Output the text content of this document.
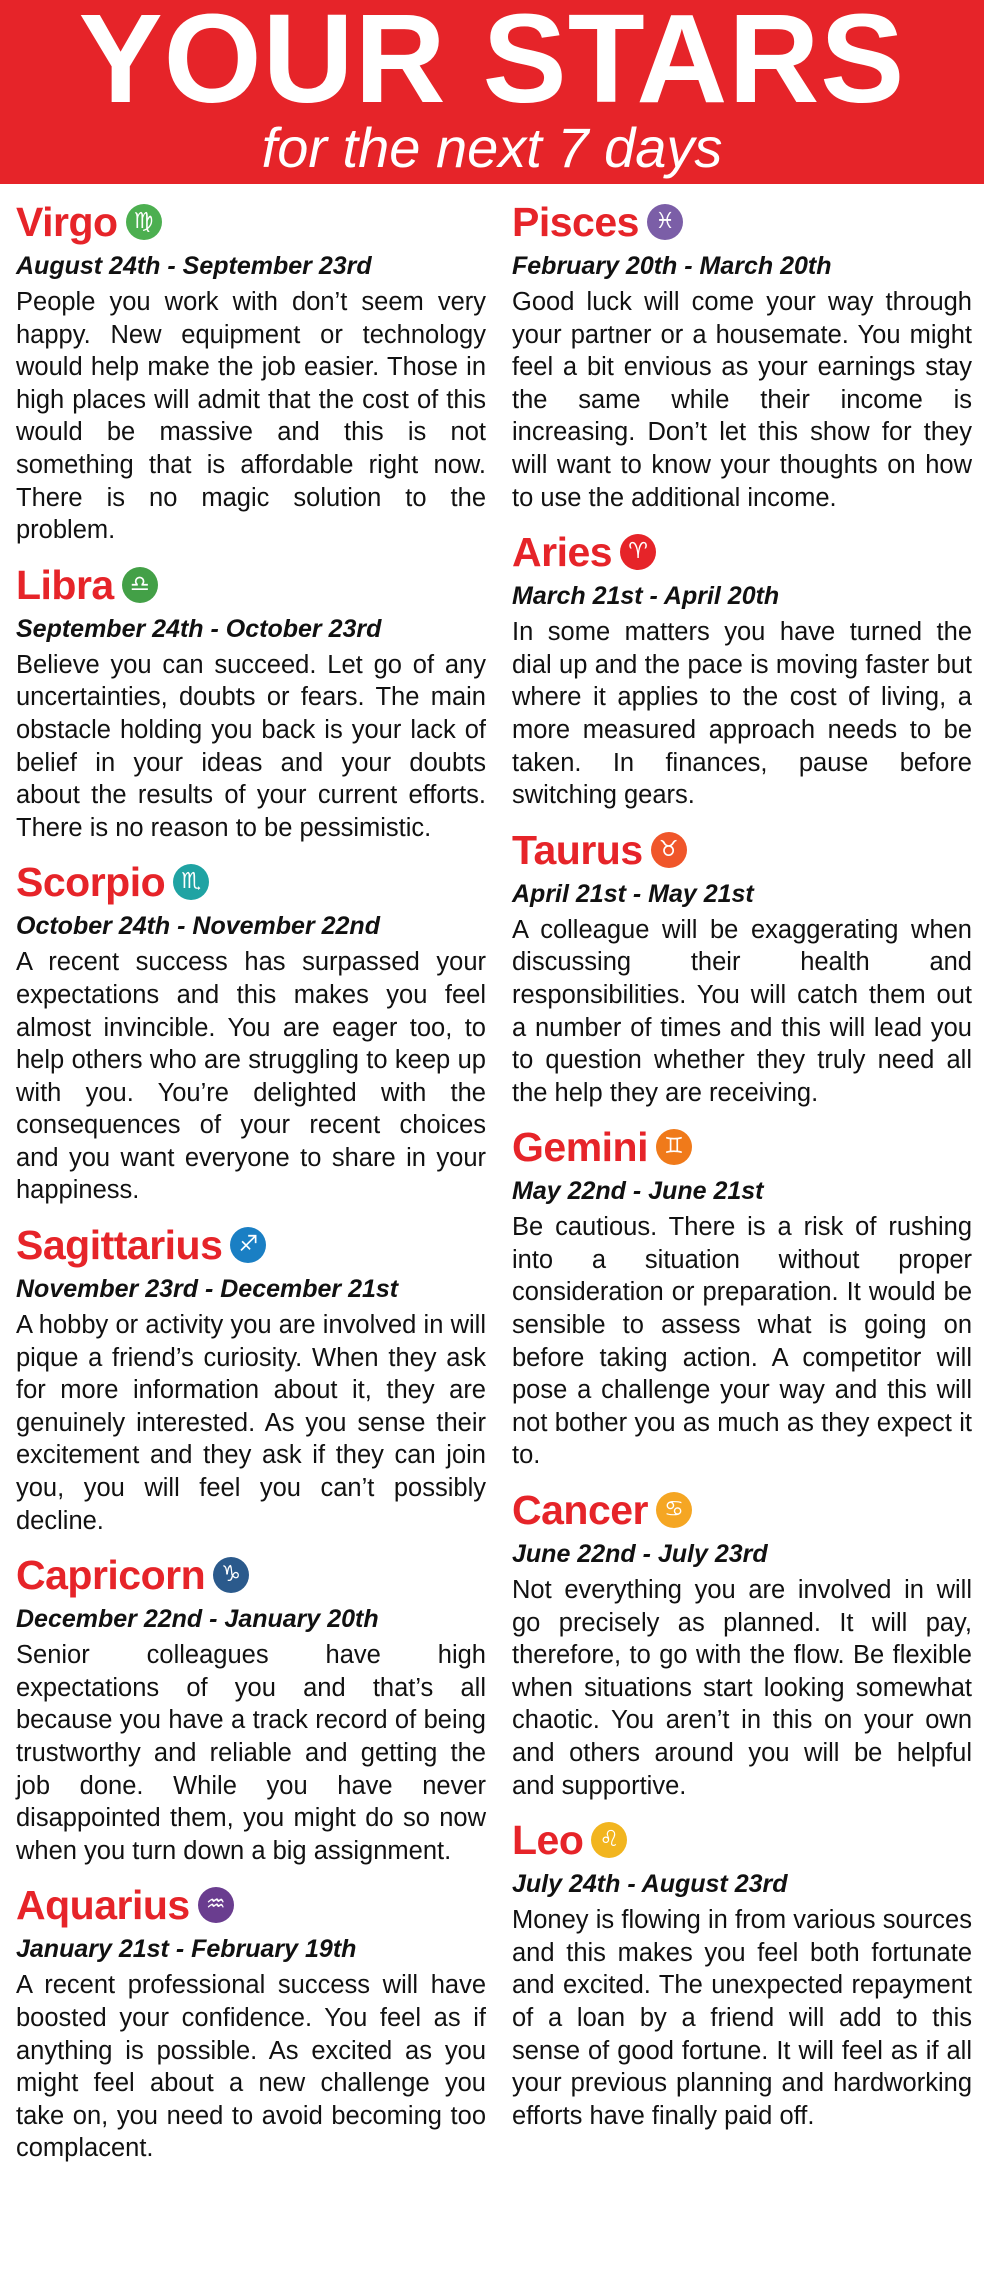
YOUR STARS
for the next 7 days
Virgo ♍
August 24th - September 23rd
People you work with don’t seem very happy. New equipment or technology would help make the job easier. Those in high places will admit that the cost of this would be massive and this is not something that is affordable right now. There is no magic solution to the problem.
Libra ♎
September 24th - October 23rd
Believe you can succeed. Let go of any uncertainties, doubts or fears. The main obstacle holding you back is your lack of belief in your ideas and your doubts about the results of your current efforts. There is no reason to be pessimistic.
Scorpio ♏
October 24th - November 22nd
A recent success has surpassed your expectations and this makes you feel almost invincible. You are eager too, to help others who are struggling to keep up with you. You’re delighted with the consequences of your recent choices and you want everyone to share in your happiness.
Sagittarius ♐
November 23rd - December 21st
A hobby or activity you are involved in will pique a friend’s curiosity. When they ask for more information about it, they are genuinely interested. As you sense their excitement and they ask if they can join you, you will feel you can’t possibly decline.
Capricorn ♑
December 22nd - January 20th
Senior colleagues have high expectations of you and that’s all because you have a track record of being trustworthy and reliable and getting the job done. While you have never disappointed them, you might do so now when you turn down a big assignment.
Aquarius ♒
January 21st - February 19th
A recent professional success will have boosted your confidence. You feel as if anything is possible. As excited as you might feel about a new challenge you take on, you need to avoid becoming too complacent.
Pisces ♓
February 20th - March 20th
Good luck will come your way through your partner or a housemate. You might feel a bit envious as your earnings stay the same while their income is increasing. Don’t let this show for they will want to know your thoughts on how to use the additional income.
Aries ♈
March 21st - April 20th
In some matters you have turned the dial up and the pace is moving faster but where it applies to the cost of living, a more measured approach needs to be taken. In finances, pause before switching gears.
Taurus ♉
April 21st - May 21st
A colleague will be exaggerating when discussing their health and responsibilities. You will catch them out a number of times and this will lead you to question whether they truly need all the help they are receiving.
Gemini ♊
May 22nd - June 21st
Be cautious. There is a risk of rushing into a situation without proper consideration or preparation. It would be sensible to assess what is going on before taking action. A competitor will pose a challenge your way and this will not bother you as much as they expect it to.
Cancer ♋
June 22nd - July 23rd
Not everything you are involved in will go precisely as planned. It will pay, therefore, to go with the flow. Be flexible when situations start looking somewhat chaotic. You aren’t in this on your own and others around you will be helpful and supportive.
Leo ♌
July 24th - August 23rd
Money is flowing in from various sources and this makes you feel both fortunate and excited. The unexpected repayment of a loan by a friend will add to this sense of good fortune. It will feel as if all your previous planning and hardworking efforts have finally paid off.
